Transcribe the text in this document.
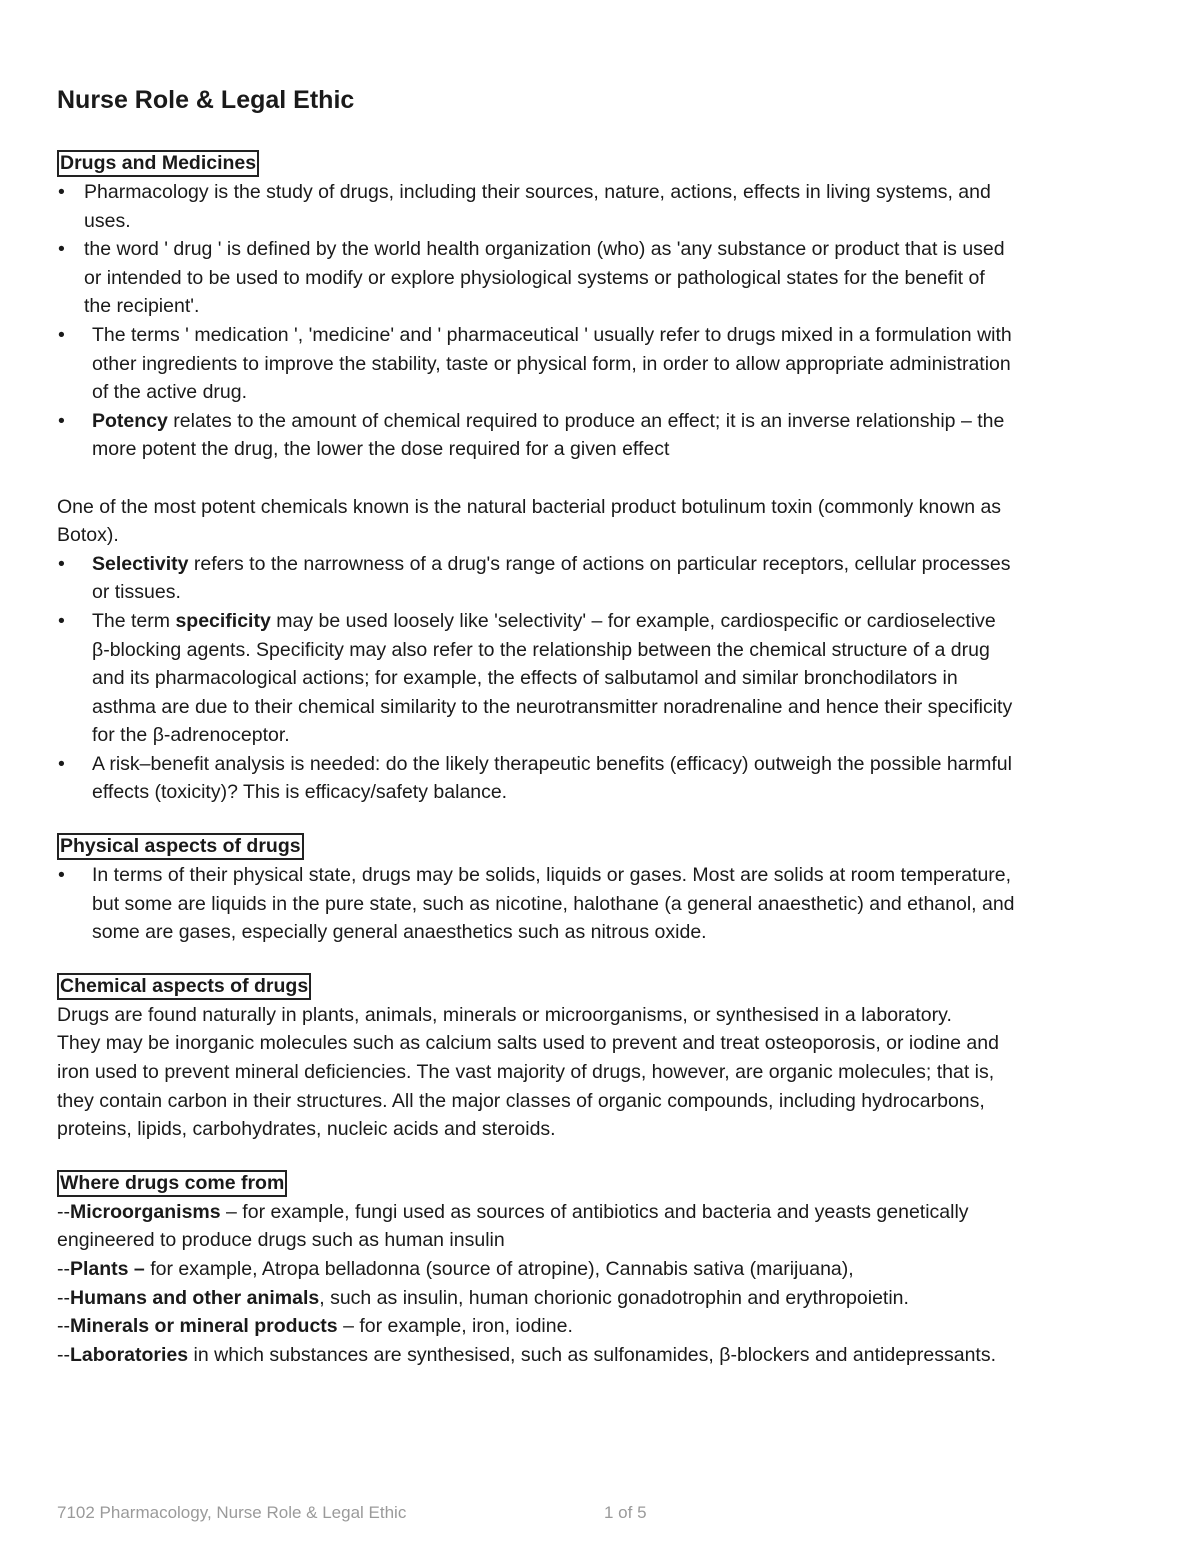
Nurse Role & Legal Ethic
Drugs and Medicines
• Pharmacology is the study of drugs, including their sources, nature, actions, effects in living systems, and uses.
• the word ' drug ' is defined by the world health organization (who) as 'any substance or product that is used or intended to be used to modify or explore physiological systems or pathological states for the benefit of the recipient'.
• The terms ' medication ', 'medicine' and ' pharmaceutical ' usually refer to drugs mixed in a formulation with other ingredients to improve the stability, taste or physical form, in order to allow appropriate administration of the active drug.
• Potency relates to the amount of chemical required to produce an effect; it is an inverse relationship – the more potent the drug, the lower the dose required for a given effect

One of the most potent chemicals known is the natural bacterial product botulinum toxin (commonly known as Botox).

• Selectivity refers to the narrowness of a drug's range of actions on particular receptors, cellular processes or tissues.
• The term specificity may be used loosely like 'selectivity' – for example, cardiospecific or cardioselective β-blocking agents. Specificity may also refer to the relationship between the chemical structure of a drug and its pharmacological actions; for example, the effects of salbutamol and similar bronchodilators in asthma are due to their chemical similarity to the neurotransmitter noradrenaline and hence their specificity for the β-adrenoceptor.
• A risk–benefit analysis is needed: do the likely therapeutic benefits (efficacy) outweigh the possible harmful effects (toxicity)? This is efficacy/safety balance.
Physical aspects of drugs
• In terms of their physical state, drugs may be solids, liquids or gases. Most are solids at room temperature, but some are liquids in the pure state, such as nicotine, halothane (a general anaesthetic) and ethanol, and some are gases, especially general anaesthetics such as nitrous oxide.
Chemical aspects of drugs

Drugs are found naturally in plants, animals, minerals or microorganisms, or synthesised in a laboratory.

They may be inorganic molecules such as calcium salts used to prevent and treat osteoporosis, or iodine and iron used to prevent mineral deficiencies. The vast majority of drugs, however, are organic molecules; that is, they contain carbon in their structures. All the major classes of organic compounds, including hydrocarbons, proteins, lipids, carbohydrates, nucleic acids and steroids.

Where drugs come from

--Microorganisms – for example, fungi used as sources of antibiotics and bacteria and yeasts genetically engineered to produce drugs such as human insulin

--Plants – for example, Atropa belladonna (source of atropine), Cannabis sativa (marijuana),

--Humans and other animals, such as insulin, human chorionic gonadotrophin and erythropoietin.

--Minerals or mineral products – for example, iron, iodine.

--Laboratories in which substances are synthesised, such as sulfonamides, β-blockers and antidepressants.

7102 Pharmacology, Nurse Role & Legal Ethic	1 of 5
